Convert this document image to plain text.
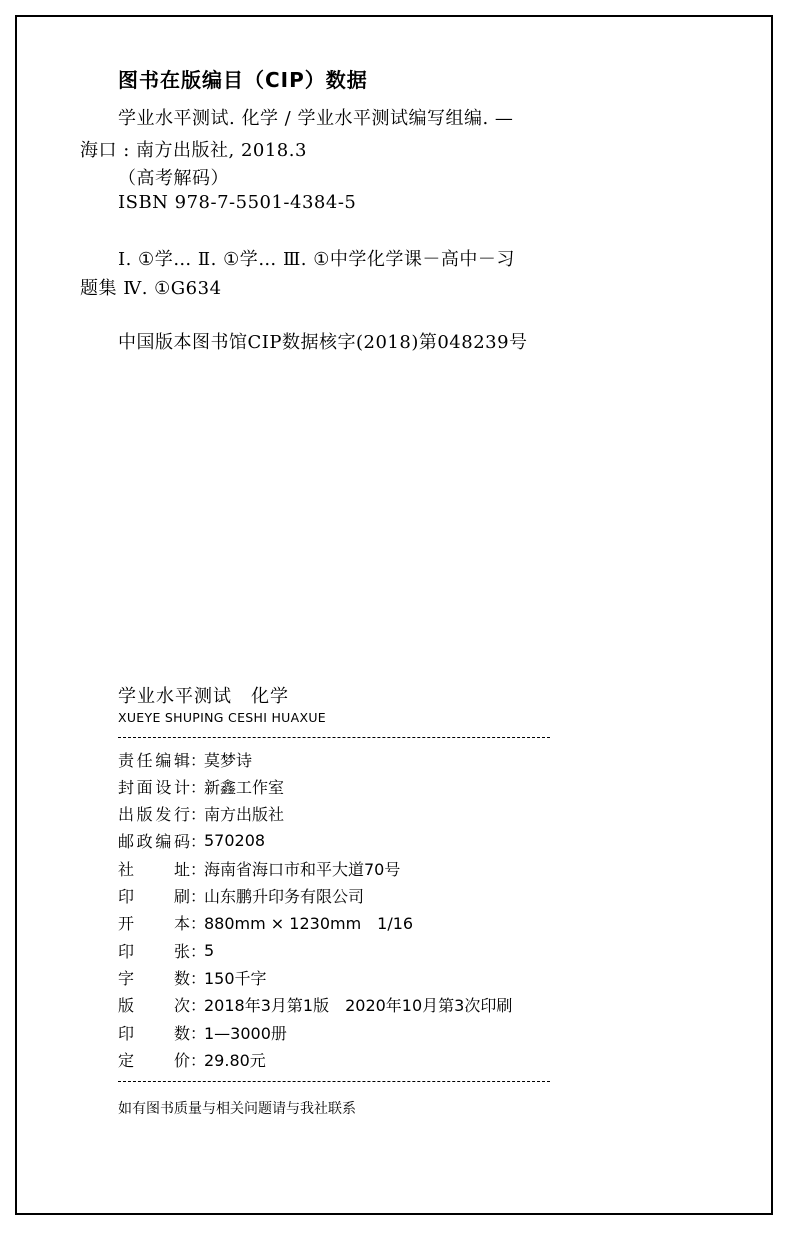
图书在版编目（CIP）数据
学业水平测试. 化学 / 学业水平测试编写组编. —
海口 : 南方出版社, 2018.3
（高考解码）
ISBN 978-7-5501-4384-5
Ⅰ. ①学… Ⅱ. ①学… Ⅲ. ①中学化学课－高中－习
题集 Ⅳ. ①G634
中国版本图书馆CIP数据核字(2018)第048239号
学业水平测试　化学
XUEYE SHUPING CESHI HUAXUE
责 任 编 辑 ：
莫梦诗
封 面 设 计 ：
新鑫工作室
出 版 发 行 ：
南方出版社
邮 政 编 码 ：
570208
社 址 ：
海南省海口市和平大道70号
印 刷 ：
山东鹏升印务有限公司
开 本 ：
880mm × 1230mm　1/16
印 张 ：
5
字 数 ：
150千字
版 次 ：
2018年3月第1版　2020年10月第3次印刷
印 数 ：
1—3000册
定 价 ：
29.80元
如有图书质量与相关问题请与我社联系
